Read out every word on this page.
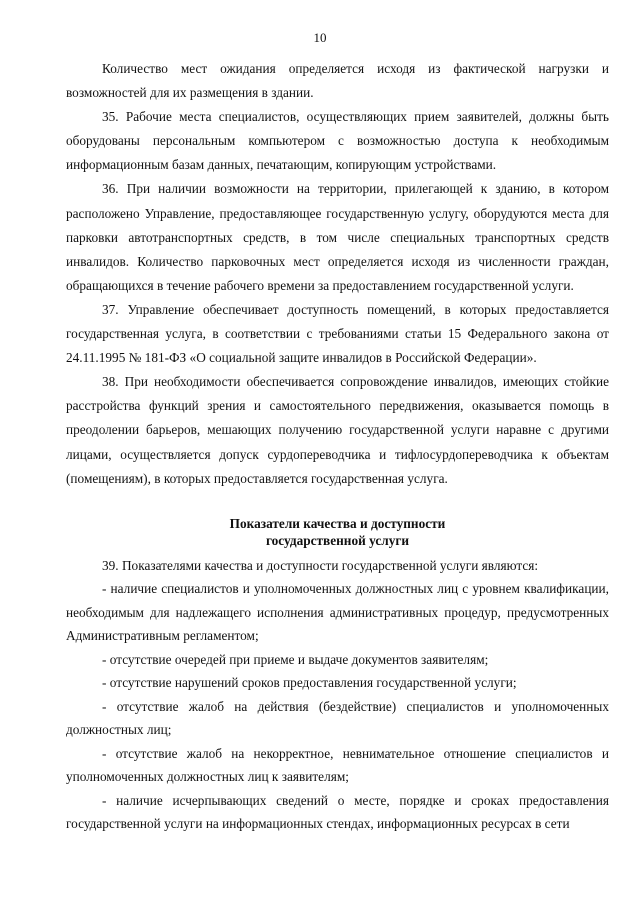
10

Количество мест ожидания определяется исходя из фактической нагрузки и возможностей для их размещения в здании.

35. Рабочие места специалистов, осуществляющих прием заявителей, должны быть оборудованы персональным компьютером с возможностью доступа к необходимым информационным базам данных, печатающим, копирующим устройствами.

36. При наличии возможности на территории, прилегающей к зданию, в котором расположено Управление, предоставляющее государственную услугу, оборудуются места для парковки автотранспортных средств, в том числе специальных транспортных средств инвалидов. Количество парковочных мест определяется исходя из численности граждан, обращающихся в течение рабочего времени за предоставлением государственной услуги.

37. Управление обеспечивает доступность помещений, в которых предоставляется государственная услуга, в соответствии с требованиями статьи 15 Федерального закона от 24.11.1995 № 181-ФЗ «О социальной защите инвалидов в Российской Федерации».

38. При необходимости обеспечивается сопровождение инвалидов, имеющих стойкие расстройства функций зрения и самостоятельного передвижения, оказывается помощь в преодолении барьеров, мешающих получению государственной услуги наравне с другими лицами, осуществляется допуск сурдопереводчика и тифлосурдопереводчика к объектам (помещениям), в которых предоставляется государственная услуга.

Показатели качества и доступности
государственной услуги

39. Показателями качества и доступности государственной услуги являются:

- наличие специалистов и уполномоченных должностных лиц с уровнем квалификации, необходимым для надлежащего исполнения административных процедур, предусмотренных Административным регламентом;

- отсутствие очередей при приеме и выдаче документов заявителям;

- отсутствие нарушений сроков предоставления государственной услуги;

- отсутствие жалоб на действия (бездействие) специалистов и уполномоченных должностных лиц;

- отсутствие жалоб на некорректное, невнимательное отношение специалистов и уполномоченных должностных лиц к заявителям;

- наличие исчерпывающих сведений о месте, порядке и сроках предоставления государственной услуги на информационных стендах, информационных ресурсах в сети
